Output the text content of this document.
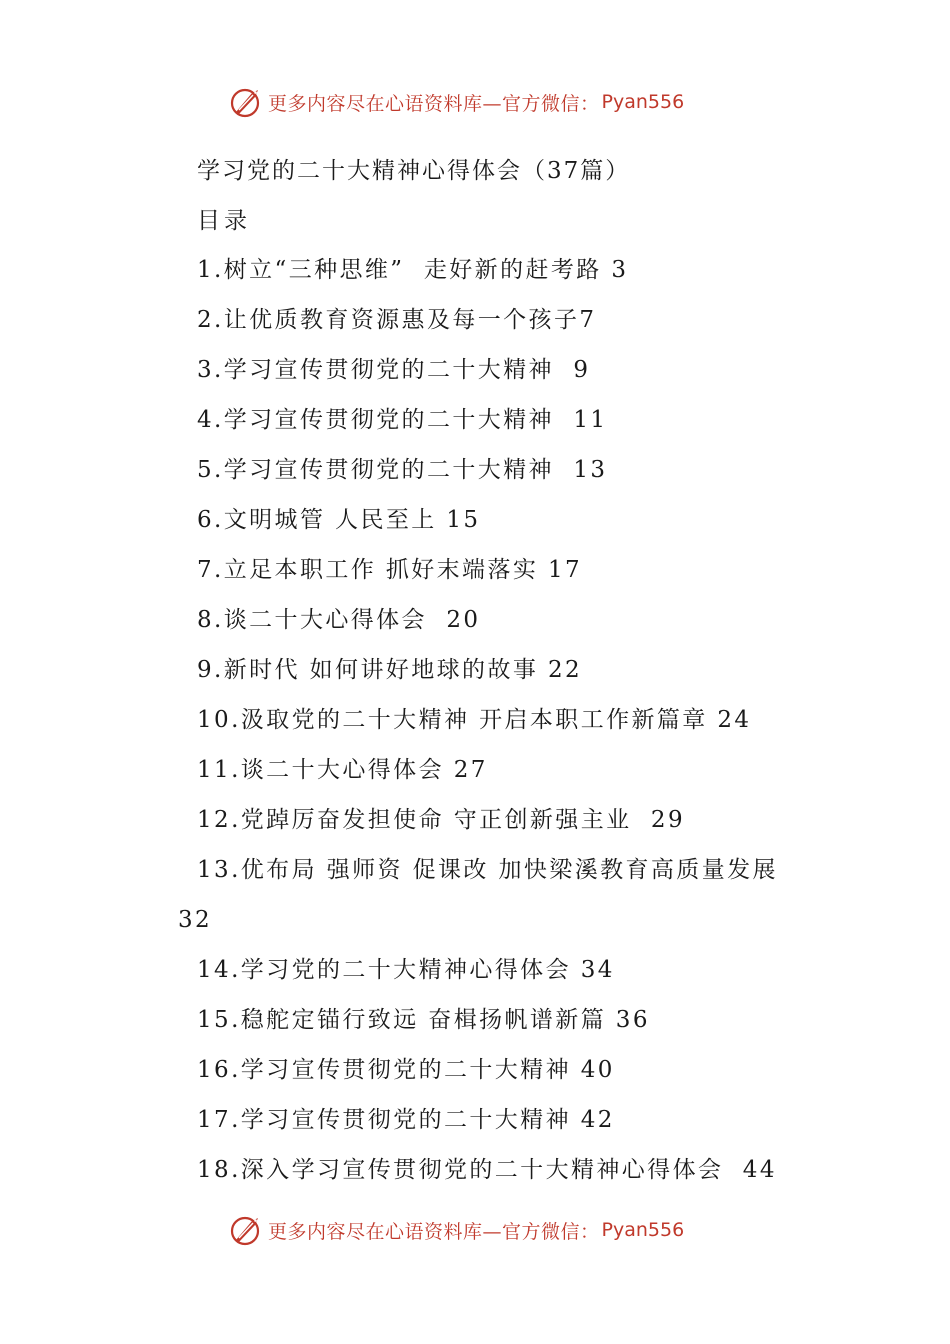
更多内容尽在心语资料库—官方微信： Pyan556
学习党的二十大精神心得体会（37篇）
目录
1.树立“三种思维”  走好新的赶考路 3
2.让优质教育资源惠及每一个孩子7
3.学习宣传贯彻党的二十大精神  9
4.学习宣传贯彻党的二十大精神  11
5.学习宣传贯彻党的二十大精神  13
6.文明城管 人民至上 15
7.立足本职工作 抓好末端落实 17
8.谈二十大心得体会  20
9.新时代 如何讲好地球的故事 22
10.汲取党的二十大精神 开启本职工作新篇章 24
11.谈二十大心得体会 27
12.党踔厉奋发担使命 守正创新强主业  29
13.优布局 强师资 促课改 加快梁溪教育高质量发展
32
14.学习党的二十大精神心得体会 34
15.稳舵定锚行致远 奋楫扬帆谱新篇 36
16.学习宣传贯彻党的二十大精神 40
17.学习宣传贯彻党的二十大精神 42
18.深入学习宣传贯彻党的二十大精神心得体会  44
更多内容尽在心语资料库—官方微信： Pyan556
